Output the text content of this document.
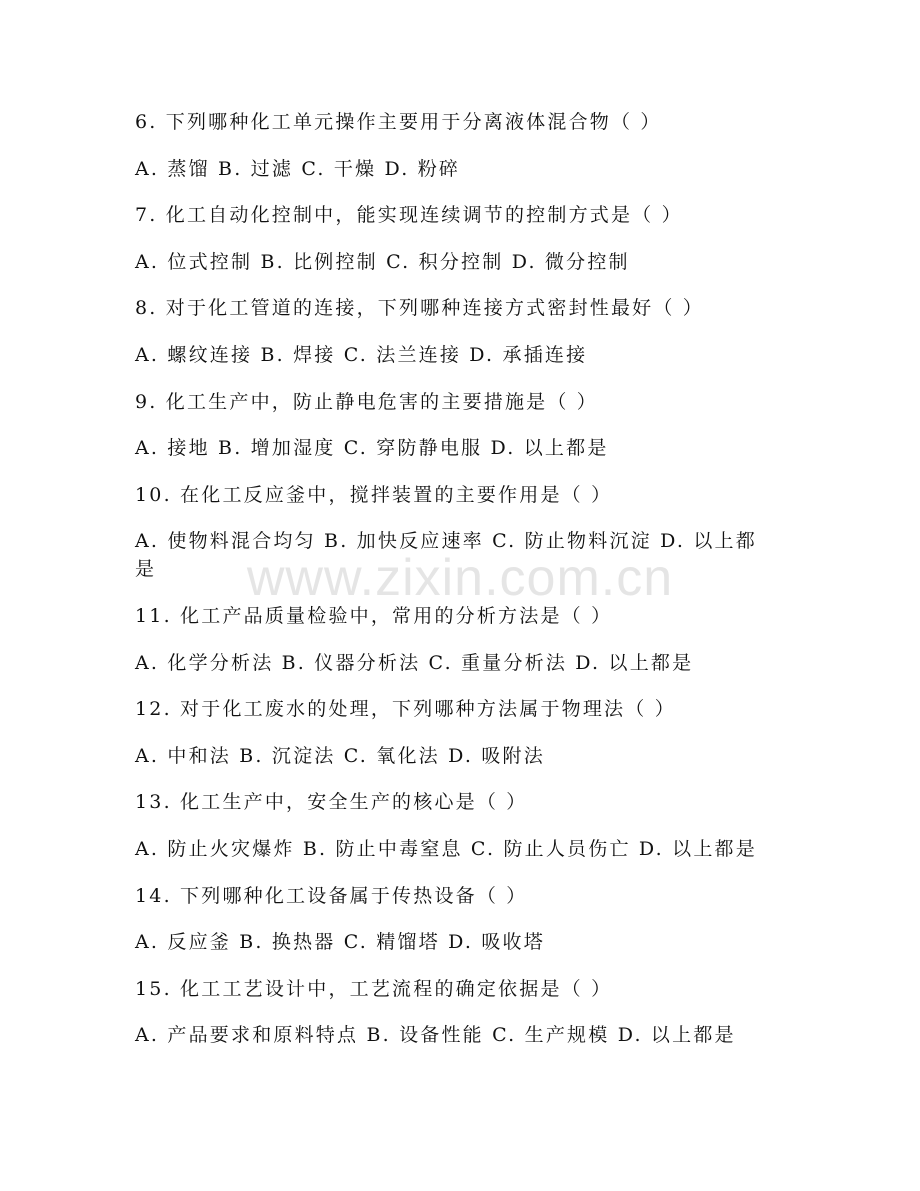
6. 下列哪种化工单元操作主要用于分离液体混合物（ ）
A. 蒸馏 B. 过滤 C. 干燥 D. 粉碎
7. 化工自动化控制中，能实现连续调节的控制方式是（ ）
A. 位式控制 B. 比例控制 C. 积分控制 D. 微分控制
8. 对于化工管道的连接，下列哪种连接方式密封性最好（ ）
A. 螺纹连接 B. 焊接 C. 法兰连接 D. 承插连接
9. 化工生产中，防止静电危害的主要措施是（ ）
A. 接地 B. 增加湿度 C. 穿防静电服 D. 以上都是
10. 在化工反应釜中，搅拌装置的主要作用是（ ）
A. 使物料混合均匀 B. 加快反应速率 C. 防止物料沉淀 D. 以上都是
11. 化工产品质量检验中，常用的分析方法是（ ）
A. 化学分析法 B. 仪器分析法 C. 重量分析法 D. 以上都是
12. 对于化工废水的处理，下列哪种方法属于物理法（ ）
A. 中和法 B. 沉淀法 C. 氧化法 D. 吸附法
13. 化工生产中，安全生产的核心是（ ）
A. 防止火灾爆炸 B. 防止中毒窒息 C. 防止人员伤亡 D. 以上都是
14. 下列哪种化工设备属于传热设备（ ）
A. 反应釜 B. 换热器 C. 精馏塔 D. 吸收塔
15. 化工工艺设计中，工艺流程的确定依据是（ ）
A. 产品要求和原料特点 B. 设备性能 C. 生产规模 D. 以上都是
www.zixin.com.cn
